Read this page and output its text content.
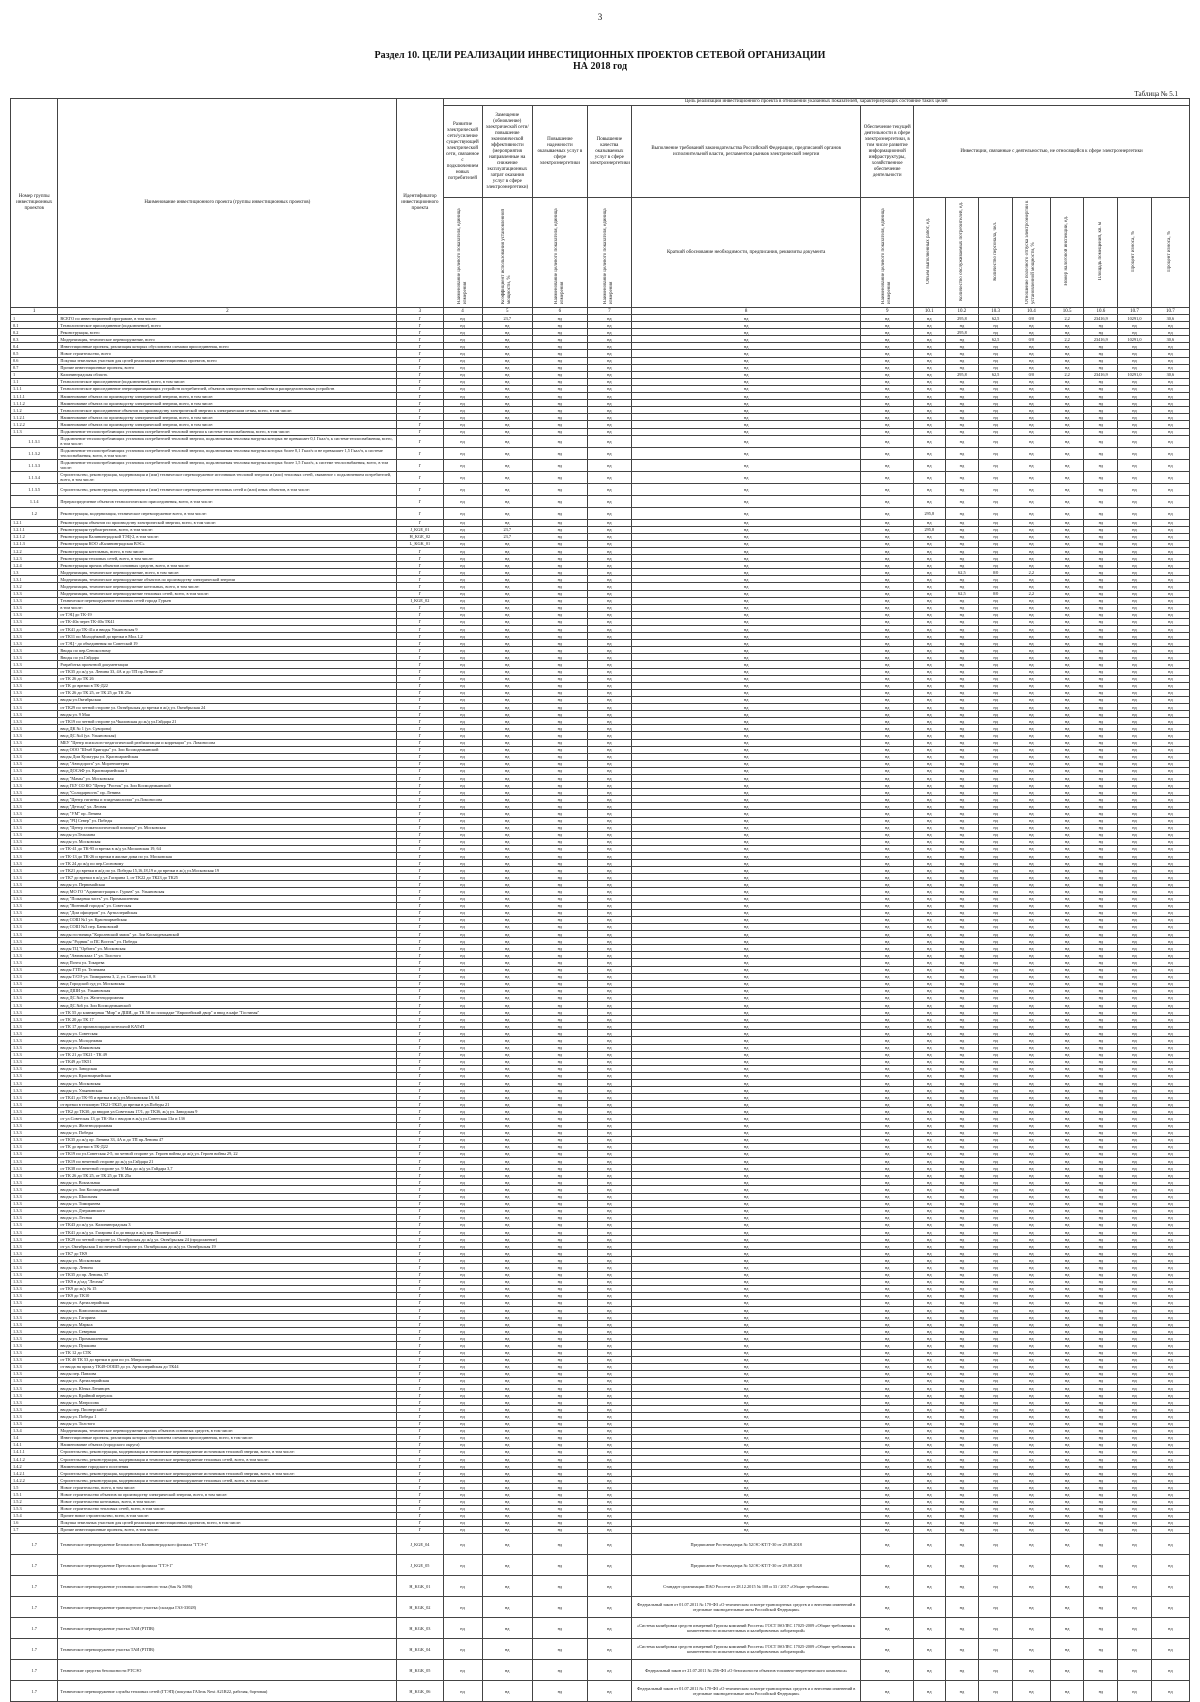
3
Раздел 10. ЦЕЛИ РЕАЛИЗАЦИИ ИНВЕСТИЦИОННЫХ ПРОЕКТОВ СЕТЕВОЙ ОРГАНИЗАЦИИ
НА 2018 год
Таблица № 5.1
Номер группы инвестиционных проектов	Наименование инвестиционного проекта (группы инвестиционных проектов)	Идентификатор инвестиционного проекта	Цель реализации инвестиционного проекта в отношении указанных показателей, характеризующих состояние таких целей													
			Развитие электрической сети/усиление существующей электрической сети, связанное с подключением новых потребителей	Замещение (обновление) электрической сети/повышение экономической эффективности (мероприятия направленные на снижение эксплуатационных затрат оказания услуг в сфере электроэнергетики)	Повышение надежности оказываемых услуг в сфере электроэнергетики	Повышение качества оказываемых услуг в сфере электроэнергетики	Выполнение требований законодательства Российской Федерации, предписаний органов исполнительной власти, регламентов рынков электрической энергии	Обеспечение текущей деятельности в сфере электроэнергетики, в том числе развитие информационной инфраструктуры, хозяйственное обеспечение деятельности	Инвестиции, связанные с деятельностью, не относящейся к сфере электроэнергетики							
			Наименование целевого показателя, единица измерения	Коэффициент использования установленной мощности, %	Наименование целевого показателя, единица измерения	Наименование целевого показателя, единица измерения	Краткий обоснование необходимости, предписания, реквизиты документа	Наименование целевого показателя, единица измерения	Объем выполненных работ, ед.	Количество обслуживаемых потребителей, ед.	Количество персонала, чел.	Отношение полезного отпуска электроэнергии к установленной мощности, %	Номер налоговой инспекции, ед.	Площадь помещений, кв. м	Процент износа, %	Процент износа, %
1	2	3	4	5	6	7	8	9	10.1	10.2	10.3	10.4	10.5	10.6	10.7	10.7
1	ВСЕГО по инвестиционной программе, в том числе:	Г	нд	23,7	нд	нд	нд	нд	нд	295,8	62,5	0/0	2,2	23416,9	10291,0	30,6
0.1	Технологическое присоединение (подключение), всего	Г	нд	нд	нд	нд	нд	нд	нд	нд	нд	нд	нд	нд	нд	нд
0.2	Реконструкция, всего	Г	нд	нд	нд	нд	нд	нд	нд	295,8	нд	нд	нд	нд	нд	нд
0.3	Модернизация, техническое перевооружение, всего	Г	нд	нд	нд	нд	нд	нд	нд	нд	62,5	0/0	2,2	23416,9	10291,0	30,6
0.4	Инвестиционные проекты, реализация которых обусловлена схемами присоединения, всего	Г	нд	нд	нд	нд	нд	нд	нд	нд	нд	нд	нд	нд	нд	нд
0.5	Новое строительство, всего	Г	нд	нд	нд	нд	нд	нд	нд	нд	нд	нд	нд	нд	нд	нд
0.6	Покупка земельных участков для целей реализации инвестиционных проектов, всего	Г	нд	нд	нд	нд	нд	нд	нд	нд	нд	нд	нд	нд	нд	нд
0.7	Прочие инвестиционные проекты, всего	Г	нд	нд	нд	нд	нд	нд	нд	нд	нд	нд	нд	нд	нд	нд
1	Калининградская область	Г	нд	нд	нд	нд	нд	нд	нд	295,8	62,5	0/0	2,2	23416,9	10291,0	30,6
1.1	Технологическое присоединение (подключение), всего, в том числе:	Г	нд	нд	нд	нд	нд	нд	нд	нд	нд	нд	нд	нд	нд	нд
1.1.1	Технологическое присоединение энергопринимающих устройств потребителей, объектов электросетевого хозяйства и распределительных устройств	Г	нд	нд	нд	нд	нд	нд	нд	нд	нд	нд	нд	нд	нд	нд
1.1.1.1	Наименование объекта по производству электрической энергии, всего, в том числе:	Г	нд	нд	нд	нд	нд	нд	нд	нд	нд	нд	нд	нд	нд	нд
1.1.1.2	Наименование объекта по производству электрической энергии, всего, в том числе:	Г	нд	нд	нд	нд	нд	нд	нд	нд	нд	нд	нд	нд	нд	нд
1.1.2	Технологическое присоединение объектов по производству электрической энергии к электрическим сетям, всего, в том числе:	Г	нд	нд	нд	нд	нд	нд	нд	нд	нд	нд	нд	нд	нд	нд
1.1.2.1	Наименование объекта по производству электрической энергии, всего, в том числе:	Г	нд	нд	нд	нд	нд	нд	нд	нд	нд	нд	нд	нд	нд	нд
1.1.2.2	Наименование объекта по производству электрической энергии, всего, в том числе:	Г	нд	нд	нд	нд	нд	нд	нд	нд	нд	нд	нд	нд	нд	нд
1.1.3	Подключение теплопотребляющих установок потребителей тепловой энергии к системе теплоснабжения, всего, в том числе:	Г	нд	нд	нд	нд	нд	нд	нд	нд	нд	нд	нд	нд	нд	нд
1.1.3.1	Подключение теплопотребляющих установок потребителей тепловой энергии, подключаемая тепловая нагрузка которых не превышает 0,1 Гкал/ч, к системе теплоснабжения, всего, в том числе:	Г	нд	нд	нд	нд	нд	нд	нд	нд	нд	нд	нд	нд	нд	нд
1.1.3.2	Подключение теплопотребляющих установок потребителей тепловой энергии, подключаемая тепловая нагрузка которых более 0,1 Гкал/ч и не превышает 1,5 Гкал/ч, к системе теплоснабжения, всего, в том числе:	Г	нд	нд	нд	нд	нд	нд	нд	нд	нд	нд	нд	нд	нд	нд
1.1.3.3	Подключение теплопотребляющих установок потребителей тепловой энергии, подключаемая тепловая нагрузка которых более 1,5 Гкал/ч, к системе теплоснабжения, всего, в том числе:	Г	нд	нд	нд	нд	нд	нд	нд	нд	нд	нд	нд	нд	нд	нд
1.1.3.4	Строительство, реконструкция, модернизация и (или) техническое перевооружение источников тепловой энергии и (или) тепловых сетей, связанное с подключением потребителей, всего, в том числе:	Г	нд	нд	нд	нд	нд	нд	нд	нд	нд	нд	нд	нд	нд	нд
1.1.3.5	Строительство, реконструкция, модернизация и (или) техническое перевооружение тепловых сетей и (или) иных объектов, в том числе:	Г	нд	нд	нд	нд	нд	нд	нд	нд	нд	нд	нд	нд	нд	нд
1.1.4	Перераспределение объектов технологического присоединения, всего, в том числе:	Г	нд	нд	нд	нд	нд	нд	нд	нд	нд	нд	нд	нд	нд	нд
1.2	Реконструкция, модернизация, техническое перевооружение всего, в том числе:	Г	нд	нд	нд	нд	нд	нд	295,8	нд	нд	нд	нд	нд	нд	нд
1.2.1	Реконструкция объектов по производству электрической энергии, всего, в том числе:	Г	нд	нд	нд	нд	нд	нд	нд	нд	нд	нд	нд	нд	нд	нд
1.2.1.1	Реконструкция турбоагрегатов, всего, в том числе:	J_KGE_01	нд	23,7	нд	нд	нд	нд	295,8	нд	нд	нд	нд	нд	нд	нд
1.2.1.2	Реконструкция Калининградской ТЭЦ-2, в том числе:	Н_KGE_02	нд	23,7	нд	нд	нд	нд	нд	нд	нд	нд	нд	нд	нд	нд
1.2.1.3	Реконструкция КОО «Калининградская ВЭС»	L_KGK_01	нд	нд	нд	нд	нд	нд	нд	нд	нд	нд	нд	нд	нд	нд
1.2.2	Реконструкция котельных, всего, в том числе:	Г	нд	нд	нд	нд	нд	нд	нд	нд	нд	нд	нд	нд	нд	нд
1.2.3	Реконструкция тепловых сетей, всего, в том числе:	Г	нд	нд	нд	нд	нд	нд	нд	нд	нд	нд	нд	нд	нд	нд
1.2.4	Реконструкция прочих объектов основных средств, всего, в том числе:	Г	нд	нд	нд	нд	нд	нд	нд	нд	нд	нд	нд	нд	нд	нд
1.3	Модернизация, техническое перевооружение, всего, в том числе:	Г	нд	нд	нд	нд	нд	нд	нд	62,5	0/0	2,2	нд	нд	нд	нд
1.3.1	Модернизация, техническое перевооружение объектов по производству электрической энергии	Г	нд	нд	нд	нд	нд	нд	нд	нд	нд	нд	нд	нд	нд	нд
1.3.2	Модернизация, техническое перевооружение котельных, всего, в том числе:	Г	нд	нд	нд	нд	нд	нд	нд	нд	нд	нд	нд	нд	нд	нд
1.3.3	Модернизация, техническое перевооружение тепловых сетей, всего, в том числе:	Г	нд	нд	нд	нд	нд	нд	нд	62,5	0/0	2,2	нд	нд	нд	нд
1.3.3	Техническое перевооружение тепловых сетей города Гурьев	I_KGE_02	нд	нд	нд	нд	нд	нд	нд	нд	нд	нд	нд	нд	нд	нд
1.3.3	в том числе:	Г	нд	нд	нд	нд	нд	нд	нд	нд	нд	нд	нд	нд	нд	нд
1.3.3	от ТЭЦ до ТК-19	Г	нд	нд	нд	нд	нд	нд	нд	нд	нд	нд	нд	нд	нд	нд
1.3.3	от ТК-40а через ТК-40а ТК41	Г	нд	нд	нд	нд	нд	нд	нд	нд	нд	нд	нд	нд	нд	нд
1.3.3	от ТК41 до ТК-41а и вводы Ульяновская 9	Г	нд	нд	нд	нд	нд	нд	нд	нд	нд	нд	нд	нд	нд	нд
1.3.3	от ТК11 по Молодёжной до врезки в Мол.1,2	Г	нд	нд	нд	нд	нд	нд	нд	нд	нд	нд	нд	нд	нд	нд
1.3.3	от ТЭЦ - до объединения по Советской 19	Г	нд	нд	нд	нд	нд	нд	нд	нд	нд	нд	нд	нд	нд	нд
1.3.3	Вводы по пер.Сенокосному	Г	нд	нд	нд	нд	нд	нд	нд	нд	нд	нд	нд	нд	нд	нд
1.3.3	Вводы по ул.Гайдара	Г	нд	нд	нд	нд	нд	нд	нд	нд	нд	нд	нд	нд	нд	нд
1.3.3	Разработка проектной документации	Г	нд	нд	нд	нд	нд	нд	нд	нд	нд	нд	нд	нд	нд	нд
1.3.3	от ТК35 до ж/д ул. Ленина 33, 4А и до ТП пр.Ленина 47	Г	нд	нд	нд	нд	нд	нд	нд	нд	нд	нд	нд	нд	нд	нд
1.3.3	от ТК 26 до ТК 26	Г	нд	нд	нд	нд	нд	нд	нд	нд	нд	нд	нд	нд	нд	нд
1.3.3	от ТК до врезки в ТК-Д22	Г	нд	нд	нд	нд	нд	нд	нд	нд	нд	нд	нд	нд	нд	нд
1.3.3	от ТК 26 до ТК 25, от ТК 25 до ТК 25а	Г	нд	нд	нд	нд	нд	нд	нд	нд	нд	нд	нд	нд	нд	нд
1.3.3	вводы ул.Октябрьская	Г	нд	нд	нд	нд	нд	нд	нд	нд	нд	нд	нд	нд	нд	нд
1.3.3	от ТК29 по четной стороне ул. Октябрьская до врезки в ж/д ул. Октябрьская 24	Г	нд	нд	нд	нд	нд	нд	нд	нд	нд	нд	нд	нд	нд	нд
1.3.3	вводы ул. 9 Мая	Г	нд	нд	нд	нд	нд	нд	нд	нд	нд	нд	нд	нд	нд	нд
1.3.3	от ТК19 по четной стороне ул.Чкаловская до ж/д ул.Гайдара 21	Г	нд	нд	нд	нд	нд	нд	нд	нд	нд	нд	нд	нд	нд	нд
1.3.3	ввод ДК № 1 (ул. Суворова)	Г	нд	нд	нд	нд	нд	нд	нд	нд	нд	нд	нд	нд	нд	нд
1.3.3	ввод ДС №4 (ул. Ульяновская)	Г	нд	нд	нд	нд	нд	нд	нд	нд	нд	нд	нд	нд	нд	нд
1.3.3	МБУ "Центр психолого-педагогической реабилитации и коррекции" ул. Ломоносова	Г	нд	нд	нд	нд	нд	нд	нд	нд	нд	нд	нд	нд	нд	нд
1.3.3	ввод ООО "Штаб Бригады" ул. Зои Космодемьянской	Г	нд	нд	нд	нд	нд	нд	нд	нд	нд	нд	нд	нд	нд	нд
1.3.3	вводы Дом Культуры ул. Красноармейская	Г	нд	нд	нд	нд	нд	нд	нд	нд	нд	нд	нд	нд	нд	нд
1.3.3	ввод "Автодорога" ул. Моргенштерна	Г	нд	нд	нд	нд	нд	нд	нд	нд	нд	нд	нд	нд	нд	нд
1.3.3	ввод ДОСАФ ул. Красноармейская 1	Г	нд	нд	нд	нд	нд	нд	нд	нд	нд	нд	нд	нд	нд	нд
1.3.3	ввод "Мамы" ул. Московская	Г	нд	нд	нд	нд	нд	нд	нд	нд	нд	нд	нд	нд	нд	нд
1.3.3	ввод ГБУ СО КО "Центр "Росток" ул. Зои Космодемьянской	Г	нд	нд	нд	нд	нд	нд	нд	нд	нд	нд	нд	нд	нд	нд
1.3.3	ввод "Солидарность" пр. Ленина	Г	нд	нд	нд	нд	нд	нд	нд	нд	нд	нд	нд	нд	нд	нд
1.3.3	ввод "Центр гигиены и эпидемиологии" ул.Ломоносова	Г	нд	нд	нд	нд	нд	нд	нд	нд	нд	нд	нд	нд	нд	нд
1.3.3	ввод "Детсад" ул. Лесная	Г	нд	нд	нд	нд	нд	нд	нд	нд	нд	нд	нд	нд	нд	нд
1.3.3	ввод "УМ" пр. Ленина	Г	нд	нд	нд	нд	нд	нд	нд	нд	нд	нд	нд	нд	нд	нд
1.3.3	ввод "РЦ Север" ул. Победы	Г	нд	нд	нд	нд	нд	нд	нд	нд	нд	нд	нд	нд	нд	нд
1.3.3	ввод "Центр стоматологической помощи" ул. Московская	Г	нд	нд	нд	нд	нд	нд	нд	нд	нд	нд	нд	нд	нд	нд
1.3.3	вводы ул.Тельмана	Г	нд	нд	нд	нд	нд	нд	нд	нд	нд	нд	нд	нд	нд	нд
1.3.3	вводы ул. Московская	Г	нд	нд	нд	нд	нд	нд	нд	нд	нд	нд	нд	нд	нд	нд
1.3.3	от ТК-41 до ТК-95 и врезка в ж/д ул.Московская 19, 64	Г	нд	нд	нд	нд	нд	нд	нд	нд	нд	нд	нд	нд	нд	нд
1.3.3	от ТК-13 до ТК-26 и врезки в жилые дома по ул. Московская	Г	нд	нд	нд	нд	нд	нд	нд	нд	нд	нд	нд	нд	нд	нд
1.3.3	от ТК 24 до ж/д по пер.Сосновому	Г	нд	нд	нд	нд	нд	нд	нд	нд	нд	нд	нд	нд	нд	нд
1.3.3	от ТК21 до врезки в ж/д по ул. Победы 15,16,18,19 и до врезки в ж/д ул.Московская 19	Г	нд	нд	нд	нд	нд	нд	нд	нд	нд	нд	нд	нд	нд	нд
1.3.3	от ТК7 до врезки в ж/д ул.Гагарина 1, от ТК22 до ТК23 до ТК25	Г	нд	нд	нд	нд	нд	нд	нд	нд	нд	нд	нд	нд	нд	нд
1.3.3	вводы ул. Первомайская	Г	нд	нд	нд	нд	нд	нд	нд	нд	нд	нд	нд	нд	нд	нд
1.3.3	ввод МО ГО "Администрация г. Гурьев" ул. Ульяновская	Г	нд	нд	нд	нд	нд	нд	нд	нд	нд	нд	нд	нд	нд	нд
1.3.3	ввод "Пожарная часть" ул. Промышленная	Г	нд	нд	нд	нд	нд	нд	нд	нд	нд	нд	нд	нд	нд	нд
1.3.3	ввод "Военный городок" ул. Советская	Г	нд	нд	нд	нд	нд	нд	нд	нд	нд	нд	нд	нд	нд	нд
1.3.3	ввод "Дом офицеров" ул. Артиллерийская	Г	нд	нд	нд	нд	нд	нд	нд	нд	нд	нд	нд	нд	нд	нд
1.3.3	ввод СОШ №1 ул. Красноармейская	Г	нд	нд	нд	нд	нд	нд	нд	нд	нд	нд	нд	нд	нд	нд
1.3.3	ввод СОШ №3 пер. Банковский	Г	нд	нд	нд	нд	нд	нд	нд	нд	нд	нд	нд	нд	нд	нд
1.3.3	вводы гостиница "Королевский замок" ул. Зои Космодемьянской	Г	нд	нд	нд	нд	нд	нд	нд	нд	нд	нд	нд	нд	нд	нд
1.3.3	вводы "Родник" и ПС Восток" ул. Победы	Г	нд	нд	нд	нд	нд	нд	нд	нд	нд	нд	нд	нд	нд	нд
1.3.3	вводы ТЦ "Орбита" ул. Московская	Г	нд	нд	нд	нд	нд	нд	нд	нд	нд	нд	нд	нд	нд	нд
1.3.3	ввод "Автовокзал 1" ул. Толстого	Г	нд	нд	нд	нд	нд	нд	нд	нд	нд	нд	нд	нд	нд	нд
1.3.3	ввод Почта ул. Токарева	Г	нд	нд	нд	нд	нд	нд	нд	нд	нд	нд	нд	нд	нд	нд
1.3.3	вводы ГТП ул. Телемана	Г	нд	нд	нд	нд	нд	нд	нд	нд	нд	нд	нд	нд	нд	нд
1.3.3	вводы Т/ОЭ ул. Тимирязева 3, 2, ул. Советская 10, 8	Г	нд	нд	нд	нд	нд	нд	нд	нд	нд	нд	нд	нд	нд	нд
1.3.3	ввод Городской суд ул. Московская	Г	нд	нд	нд	нд	нд	нд	нд	нд	нд	нд	нд	нд	нд	нд
1.3.3	ввод ДШИ ул. Ульяновская	Г	нд	нд	нд	нд	нд	нд	нд	нд	нд	нд	нд	нд	нд	нд
1.3.3	ввод ДС №5 ул. Железнодорожная	Г	нд	нд	нд	нд	нд	нд	нд	нд	нд	нд	нд	нд	нд	нд
1.3.3	ввод ДС №6 ул. Зои Космодемьянской	Г	нд	нд	нд	нд	нд	нд	нд	нд	нд	нд	нд	нд	нд	нд
1.3.3	от ТК 55 до клинкерная "Мир" и ДШИ, до ТК 58 по площадке "Европейский двор" и ввод в кафе "Гостиная"	Г	нд	нд	нд	нд	нд	нд	нд	нд	нд	нд	нд	нд	нд	нд
1.3.3	от ТК 20 до ТК 17	Г	нд	нд	нд	нд	нд	нд	нд	нд	нд	нд	нд	нд	нд	нд
1.3.3	от ТК 17 до промплощадки котельной КАТэП	Г	нд	нд	нд	нд	нд	нд	нд	нд	нд	нд	нд	нд	нд	нд
1.3.3	вводы ул. Советская	Г	нд	нд	нд	нд	нд	нд	нд	нд	нд	нд	нд	нд	нд	нд
1.3.3	вводы ул. Молодежная	Г	нд	нд	нд	нд	нд	нд	нд	нд	нд	нд	нд	нд	нд	нд
1.3.3	вводы ул. Маяковская	Г	нд	нд	нд	нд	нд	нд	нд	нд	нд	нд	нд	нд	нд	нд
1.3.3	от ТК 21 до ТК21 - ТК 49	Г	нд	нд	нд	нд	нд	нд	нд	нд	нд	нд	нд	нд	нд	нд
1.3.3	от ТК49 до ТК51	Г	нд	нд	нд	нд	нд	нд	нд	нд	нд	нд	нд	нд	нд	нд
1.3.3	вводы ул. Заводская	Г	нд	нд	нд	нд	нд	нд	нд	нд	нд	нд	нд	нд	нд	нд
1.3.3	вводы ул. Красноармейская	Г	нд	нд	нд	нд	нд	нд	нд	нд	нд	нд	нд	нд	нд	нд
1.3.3	вводы ул. Московская	Г	нд	нд	нд	нд	нд	нд	нд	нд	нд	нд	нд	нд	нд	нд
1.3.3	вводы ул. Ульяновская	Г	нд	нд	нд	нд	нд	нд	нд	нд	нд	нд	нд	нд	нд	нд
1.3.3	от ТК41 до ТК-95 и врезка в ж/д ул.Московская 19, 64	Г	нд	нд	нд	нд	нд	нд	нд	нд	нд	нд	нд	нд	нд	нд
1.3.3	от врезки в тепловую ТК21-ТК25 до врезки в ул.Победы 21	Г	нд	нд	нд	нд	нд	нд	нд	нд	нд	нд	нд	нд	нд	нд
1.3.3	от ТК2 до ТК30, до вводов ул.Советская 17/1, до ТК36, ж/д ул. Заводская 9	Г	нд	нд	нд	нд	нд	нд	нд	нд	нд	нд	нд	нд	нд	нд
1.3.3	от ул.Советская 13 до ТК-16а с вводом в ж/д ул.Советская 13а и 13б	Г	нд	нд	нд	нд	нд	нд	нд	нд	нд	нд	нд	нд	нд	нд
1.3.3	вводы ул. Железнодорожная	Г	нд	нд	нд	нд	нд	нд	нд	нд	нд	нд	нд	нд	нд	нд
1.3.3	вводы ул. Победы	Г	нд	нд	нд	нд	нд	нд	нд	нд	нд	нд	нд	нд	нд	нд
1.3.3	от ТК35 до ж/д пр. Ленина 33, 4А и до ТП пр.Ленина 47	Г	нд	нд	нд	нд	нд	нд	нд	нд	нд	нд	нд	нд	нд	нд
1.3.3	от ТК до врезки в ТК-Д22	Г	нд	нд	нд	нд	нд	нд	нд	нд	нд	нд	нд	нд	нд	нд
1.3.3	от ТК19 по ул.Советская 2-5, по четной стороне ул. Героев войны до ж/д ул. Героев войны 29, 22	Г	нд	нд	нд	нд	нд	нд	нд	нд	нд	нд	нд	нд	нд	нд
1.3.3	от ТК19 по нечетной стороне до ж/д ул.Гайдара 21	Г	нд	нд	нд	нд	нд	нд	нд	нд	нд	нд	нд	нд	нд	нд
1.3.3	от ТК38 по нечетной стороне ул. 9 Мая до ж/д ул.Гайдара 3,7	Г	нд	нд	нд	нд	нд	нд	нд	нд	нд	нд	нд	нд	нд	нд
1.3.3	от ТК 26 до ТК 25, от ТК 25 до ТК 25а	Г	нд	нд	нд	нд	нд	нд	нд	нд	нд	нд	нд	нд	нд	нд
1.3.3	вводы ул. Вокзальная	Г	нд	нд	нд	нд	нд	нд	нд	нд	нд	нд	нд	нд	нд	нд
1.3.3	вводы ул. Зои Космодемьянской	Г	нд	нд	нд	нд	нд	нд	нд	нд	нд	нд	нд	нд	нд	нд
1.3.3	вводы ул. Школьная	Г	нд	нд	нд	нд	нд	нд	нд	нд	нд	нд	нд	нд	нд	нд
1.3.3	вводы ул. Тимирязева	Г	нд	нд	нд	нд	нд	нд	нд	нд	нд	нд	нд	нд	нд	нд
1.3.3	вводы ул. Дзержинского	Г	нд	нд	нд	нд	нд	нд	нд	нд	нд	нд	нд	нд	нд	нд
1.3.3	вводы ул. Лесная	Г	нд	нд	нд	нд	нд	нд	нд	нд	нд	нд	нд	нд	нд	нд
1.3.3	от ТК43 до ж/д ул. Калининградская 3	Г	нд	нд	нд	нд	нд	нд	нд	нд	нд	нд	нд	нд	нд	нд
1.3.3	от ТК41 до ж/д ул. Гагарина 4 и до ввода в ж/д пер. Пионерский 2	Г	нд	нд	нд	нд	нд	нд	нд	нд	нд	нд	нд	нд	нд	нд
1.3.3	от ТК29 по четной стороне ул. Октябрьская до ж/д ул. Октябрьская 24 (продолжение)	Г	нд	нд	нд	нд	нд	нд	нд	нд	нд	нд	нд	нд	нд	нд
1.3.3	от ул. Октябрьская 3 по нечетной стороне ул. Октябрьская до ж/д ул. Октябрьская 19	Г	нд	нд	нд	нд	нд	нд	нд	нд	нд	нд	нд	нд	нд	нд
1.3.3	от ТК7 до ТК9	Г	нд	нд	нд	нд	нд	нд	нд	нд	нд	нд	нд	нд	нд	нд
1.3.3	вводы ул. Московская	Г	нд	нд	нд	нд	нд	нд	нд	нд	нд	нд	нд	нд	нд	нд
1.3.3	вводы пр. Ленина	Г	нд	нд	нд	нд	нд	нд	нд	нд	нд	нд	нд	нд	нд	нд
1.3.3	от ТК35 до пр. Ленина, 57	Г	нд	нд	нд	нд	нд	нд	нд	нд	нд	нд	нд	нд	нд	нд
1.3.3	от ТК9 в д/сад "Лесная"	Г	нд	нд	нд	нд	нд	нд	нд	нд	нд	нд	нд	нд	нд	нд
1.3.3	от ТК9 до ж/д № 15	Г	нд	нд	нд	нд	нд	нд	нд	нд	нд	нд	нд	нд	нд	нд
1.3.3	от ТК9 до ТК10	Г	нд	нд	нд	нд	нд	нд	нд	нд	нд	нд	нд	нд	нд	нд
1.3.3	вводы ул. Артиллерийская	Г	нд	нд	нд	нд	нд	нд	нд	нд	нд	нд	нд	нд	нд	нд
1.3.3	вводы ул. Комсомольская	Г	нд	нд	нд	нд	нд	нд	нд	нд	нд	нд	нд	нд	нд	нд
1.3.3	вводы ул. Гагарина	Г	нд	нд	нд	нд	нд	нд	нд	нд	нд	нд	нд	нд	нд	нд
1.3.3	вводы ул. Маркса	Г	нд	нд	нд	нд	нд	нд	нд	нд	нд	нд	нд	нд	нд	нд
1.3.3	вводы ул. Северная	Г	нд	нд	нд	нд	нд	нд	нд	нд	нд	нд	нд	нд	нд	нд
1.3.3	вводы ул. Промышленная	Г	нд	нд	нд	нд	нд	нд	нд	нд	нд	нд	нд	нд	нд	нд
1.3.3	вводы ул. Пушкина	Г	нд	нд	нд	нд	нд	нд	нд	нд	нд	нд	нд	нд	нд	нд
1.3.3	от ТК 12 до СТК	Г	нд	нд	нд	нд	нд	нд	нд	нд	нд	нд	нд	нд	нд	нд
1.3.3	от ТК 4б ТК 53 до врезки в дом по ул. Матросова	Г	нд	нд	нд	нд	нд	нд	нд	нд	нд	нд	нд	нд	нд	нд
1.3.3	от ввода на пром.у ТК48-ООШ5 до ул. Артиллерийская до ТК44	Г	нд	нд	нд	нд	нд	нд	нд	нд	нд	нд	нд	нд	нд	нд
1.3.3	вводы пер. Павлова	Г	нд	нд	нд	нд	нд	нд	нд	нд	нд	нд	нд	нд	нд	нд
1.3.3	вводы ул. Артиллерийская	Г	нд	нд	нд	нд	нд	нд	нд	нд	нд	нд	нд	нд	нд	нд
1.3.3	вводы ул. Юных Ленинцев	Г	нд	нд	нд	нд	нд	нд	нд	нд	нд	нд	нд	нд	нд	нд
1.3.3	вводы ул. Крайний переулок	Г	нд	нд	нд	нд	нд	нд	нд	нд	нд	нд	нд	нд	нд	нд
1.3.3	вводы ул. Матросова	Г	нд	нд	нд	нд	нд	нд	нд	нд	нд	нд	нд	нд	нд	нд
1.3.3	вводы пер. Пионерский 2	Г	нд	нд	нд	нд	нд	нд	нд	нд	нд	нд	нд	нд	нд	нд
1.3.3	вводы ул. Победы 1	Г	нд	нд	нд	нд	нд	нд	нд	нд	нд	нд	нд	нд	нд	нд
1.3.3	вводы ул. Толстого	Г	нд	нд	нд	нд	нд	нд	нд	нд	нд	нд	нд	нд	нд	нд
1.3.4	Модернизация, техническое перевооружение прочих объектов основных средств, в том числе:	Г	нд	нд	нд	нд	нд	нд	нд	нд	нд	нд	нд	нд	нд	нд
1.4	Инвестиционные проекты, реализация которых обусловлена схемами присоединения, всего, в том числе:	Г	нд	нд	нд	нд	нд	нд	нд	нд	нд	нд	нд	нд	нд	нд
1.4.1	Наименование объекта (городского округа)	Г	нд	нд	нд	нд	нд	нд	нд	нд	нд	нд	нд	нд	нд	нд
1.4.1.1	Строительство, реконструкция, модернизация и техническое перевооружение источников тепловой энергии, всего, в том числе:	Г	нд	нд	нд	нд	нд	нд	нд	нд	нд	нд	нд	нд	нд	нд
1.4.1.2	Строительство, реконструкция, модернизация и техническое перевооружение тепловых сетей, всего, в том числе:	Г	нд	нд	нд	нд	нд	нд	нд	нд	нд	нд	нд	нд	нд	нд
1.4.2	Наименование городского поселения	Г	нд	нд	нд	нд	нд	нд	нд	нд	нд	нд	нд	нд	нд	нд
1.4.2.1	Строительство, реконструкция, модернизация и техническое перевооружение источников тепловой энергии, всего, в том числе:	Г	нд	нд	нд	нд	нд	нд	нд	нд	нд	нд	нд	нд	нд	нд
1.4.2.2	Строительство, реконструкция, модернизация и техническое перевооружение тепловых сетей, всего, в том числе:	Г	нд	нд	нд	нд	нд	нд	нд	нд	нд	нд	нд	нд	нд	нд
1.5	Новое строительство, всего, в том числе:	Г	нд	нд	нд	нд	нд	нд	нд	нд	нд	нд	нд	нд	нд	нд
1.5.1	Новое строительство объектов по производству электрической энергии, всего, в том числе:	Г	нд	нд	нд	нд	нд	нд	нд	нд	нд	нд	нд	нд	нд	нд
1.5.2	Новое строительство котельных, всего, в том числе:	Г	нд	нд	нд	нд	нд	нд	нд	нд	нд	нд	нд	нд	нд	нд
1.5.3	Новое строительство тепловых сетей, всего, в том числе:	Г	нд	нд	нд	нд	нд	нд	нд	нд	нд	нд	нд	нд	нд	нд
1.5.4	Прочее новое строительство, всего, в том числе:	Г	нд	нд	нд	нд	нд	нд	нд	нд	нд	нд	нд	нд	нд	нд
1.6	Покупка земельных участков для целей реализации инвестиционных проектов, всего, в том числе:	Г	нд	нд	нд	нд	нд	нд	нд	нд	нд	нд	нд	нд	нд	нд
1.7	Прочие инвестиционные проекты, всего, в том числе:	Г	нд	нд	нд	нд	нд	нд	нд	нд	нд	нд	нд	нд	нд	нд
1.7	Техническое перевооружение Безопасности Калининградского филиала "ГТЭ-1"	J_KGE_04	нд	нд	нд	нд	Предписание Ростехнадзора № 52/ЭС-КТ/Т-30 от 29.09.2018	нд	нд	нд	нд	нд	нд	нд	нд	нд
1.7	Техническое перевооружение Прегольского филиала "ГТЭ-1"	J_KGE_05	нд	нд	нд	нд	Предписание Ростехнадзора № 52/ЭС-КТ/Т-30 от 29.09.2018	нд	нд	нд	нд	нд	нд	нд	нд	нд
1.7	Техническое перевооружение установки постоянного тока (бак № 5696)	H_KGK_01	нд	нд	нд	нд	Стандарт организации ПАО Россети от 28.12.2015 № 108 и 33 / 2017 «Общие требования»	нд	нд	нд	нд	нд	нд	нд	нд	нд
1.7	Техническое перевооружение транспортного участка (складка ГАЗ-33028)	H_KGK_02	нд	нд	нд	нд	Федеральный закон от 01.07.2011 № 170-ФЗ «О техническом осмотре транспортных средств и о внесении изменений в отдельные законодательные акты Российской Федерации»	нд	нд	нд	нд	нд	нд	нд	нд	нд
1.7	Техническое перевооружение участка ТАИ (РТПВ)	H_KGK_03	нд	нд	нд	нд	«Система калибровки средств измерений Группы компаний Россети» ГОСТ ISO/IEC 17025-2009 «Общие требования к компетентности испытательных и калибровочных лабораторий»	нд	нд	нд	нд	нд	нд	нд	нд	нд
1.7	Техническое перевооружение участка ТАИ (РТПВ)	H_KGK_04	нд	нд	нд	нд	«Система калибровки средств измерений Группы компаний Россети» ГОСТ ISO/IEC 17025-2009 «Общие требования к компетентности испытательных и калибровочных лабораторий»	нд	нд	нд	нд	нд	нд	нд	нд	нд
1.7	Технические средства безопасности РТСЭО	H_KGK_05	нд	нд	нд	нд	Федеральный закон от 21.07.2011 № 256-ФЗ «О безопасности объектов топливно-энергетического комплекса»	нд	нд	нд	нд	нд	нд	нд	нд	нд
1.7	Техническое перевооружение службы тепловых сетей (ГТЭП) (покупка ГАЗель Next А21R22, рабочая, бортовая)	H_KGK_06	нд	нд	нд	нд	Федеральный закон от 01.07.2011 № 170-ФЗ «О техническом осмотре транспортных средств и о внесении изменений в отдельные законодательные акты Российской Федерации»	нд	нд	нд	нд	нд	нд	нд	нд	нд
